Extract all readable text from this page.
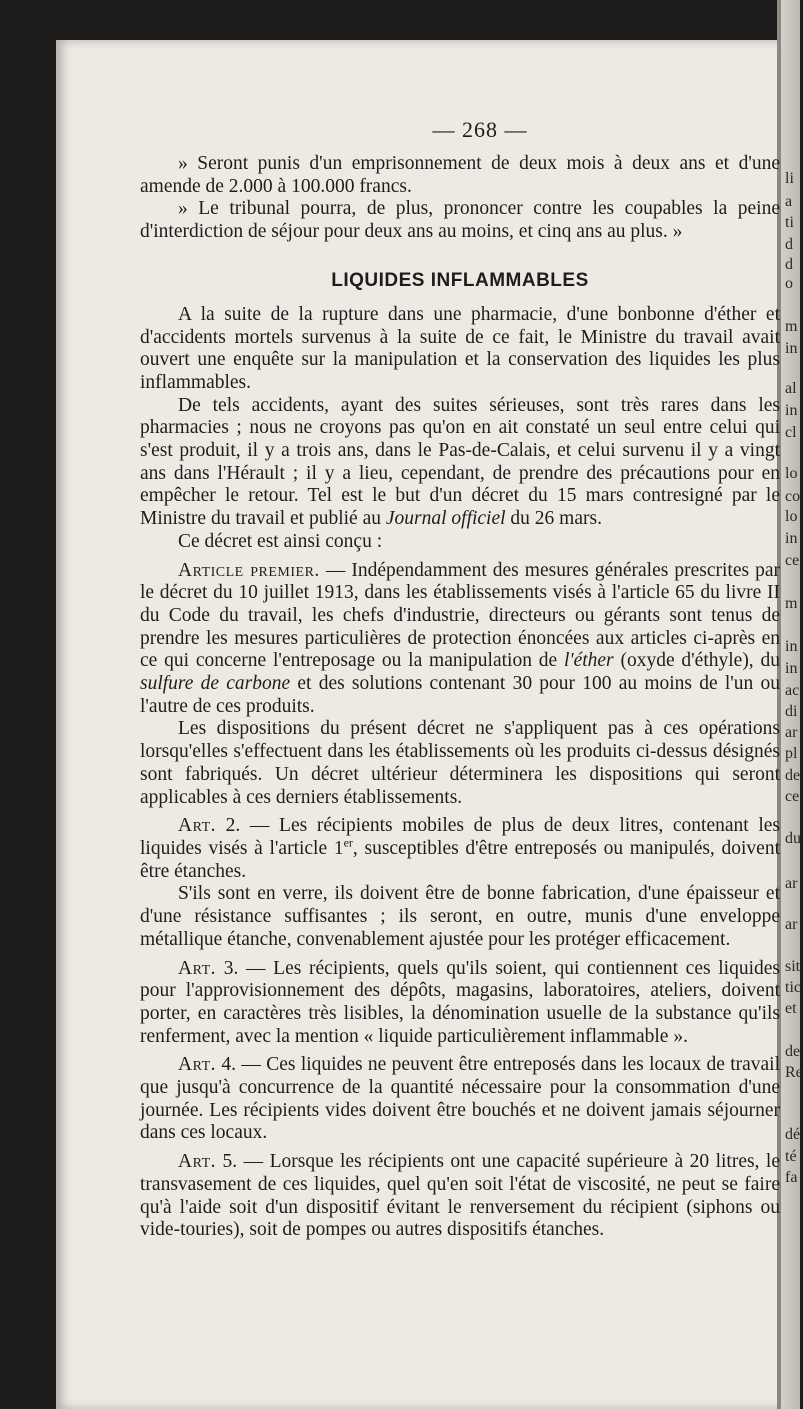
li
a
ti
d
d
o
m
in
al
in
cl
lo
co
lo
in
ce
m
in
in
ac
di
ar
pl
de
ce
du
ar
ar
sit
tic
et
de
Re
dé
té
fa
— 268 —

» Seront punis d'un emprisonnement de deux mois à deux ans et d'une amende de 2.000 à 100.000 francs.

» Le tribunal pourra, de plus, prononcer contre les coupables la peine d'interdiction de séjour pour deux ans au moins, et cinq ans au plus. »

LIQUIDES INFLAMMABLES

A la suite de la rupture dans une pharmacie, d'une bonbonne d'éther et d'accidents mortels survenus à la suite de ce fait, le Ministre du travail avait ouvert une enquête sur la manipulation et la conservation des liquides les plus inflammables.

De tels accidents, ayant des suites sérieuses, sont très rares dans les pharmacies ; nous ne croyons pas qu'on en ait constaté un seul entre celui qui s'est produit, il y a trois ans, dans le Pas-de-Calais, et celui survenu il y a vingt ans dans l'Hérault ; il y a lieu, cependant, de prendre des précautions pour en empêcher le retour. Tel est le but d'un décret du 15 mars contresigné par le Ministre du travail et publié au Journal officiel du 26 mars.

Ce décret est ainsi conçu :

Article premier. — Indépendamment des mesures générales prescrites par le décret du 10 juillet 1913, dans les établissements visés à l'article 65 du livre II du Code du travail, les chefs d'industrie, directeurs ou gérants sont tenus de prendre les mesures particulières de protection énoncées aux articles ci-après en ce qui concerne l'entreposage ou la manipulation de l'éther (oxyde d'éthyle), du sulfure de carbone et des solutions contenant 30 pour 100 au moins de l'un ou l'autre de ces produits.

Les dispositions du présent décret ne s'appliquent pas à ces opérations lorsqu'elles s'effectuent dans les établissements où les produits ci-dessus désignés sont fabriqués. Un décret ultérieur déterminera les dispositions qui seront applicables à ces derniers établissements.

Art. 2. — Les récipients mobiles de plus de deux litres, contenant les liquides visés à l'article 1er, susceptibles d'être entreposés ou manipulés, doivent être étanches.

S'ils sont en verre, ils doivent être de bonne fabrication, d'une épaisseur et d'une résistance suffisantes ; ils seront, en outre, munis d'une enveloppe métallique étanche, convenablement ajustée pour les protéger efficacement.

Art. 3. — Les récipients, quels qu'ils soient, qui contiennent ces liquides pour l'approvisionnement des dépôts, magasins, laboratoires, ateliers, doivent porter, en caractères très lisibles, la dénomination usuelle de la substance qu'ils renferment, avec la mention « liquide particulièrement inflammable ».

Art. 4. — Ces liquides ne peuvent être entreposés dans les locaux de travail que jusqu'à concurrence de la quantité nécessaire pour la consommation d'une journée. Les récipients vides doivent être bouchés et ne doivent jamais séjourner dans ces locaux.

Art. 5. — Lorsque les récipients ont une capacité supérieure à 20 litres, le transvasement de ces liquides, quel qu'en soit l'état de viscosité, ne peut se faire qu'à l'aide soit d'un dispositif évitant le renversement du récipient (siphons ou vide-touries), soit de pompes ou autres dispositifs étanches.
